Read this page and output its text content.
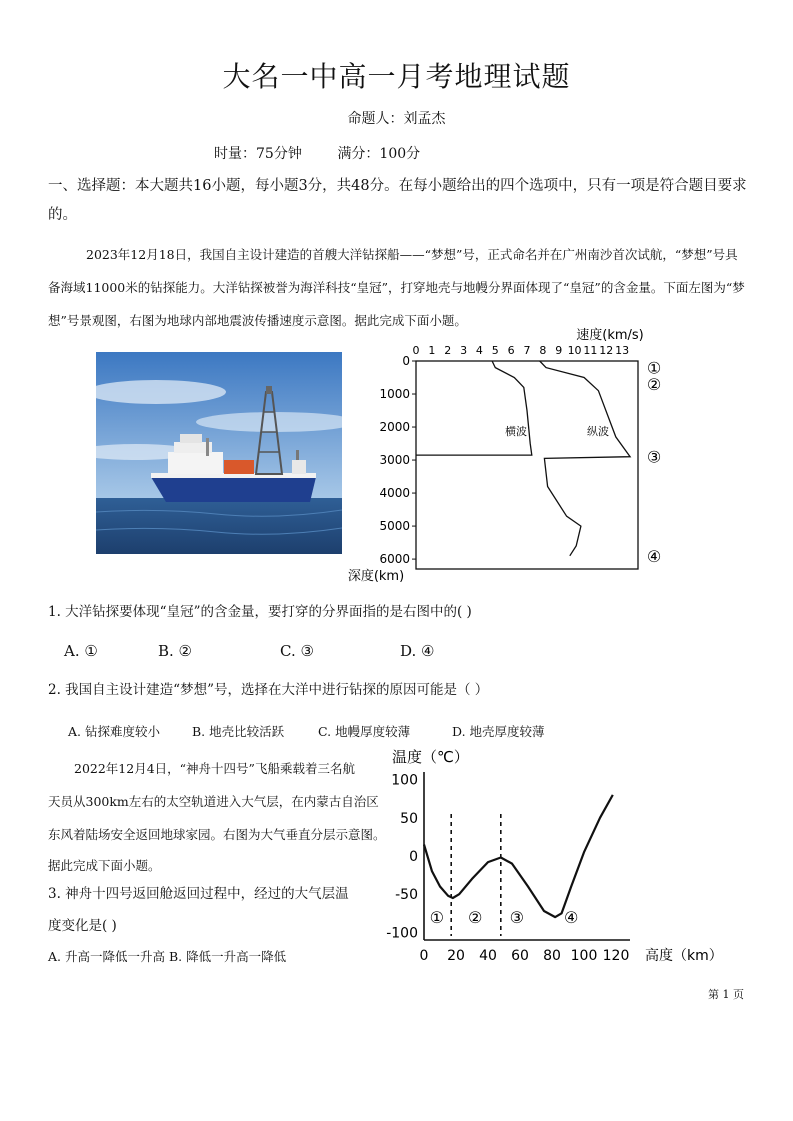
大名一中高一月考地理试题
命题人：刘孟杰
时量：75分钟	满分：100分
一、选择题：本大题共16小题，每小题3分，共48分。在每小题给出的四个选项中，只有一项是符合题目要求的。
2023年12月18日，我国自主设计建造的首艘大洋钻探船——“梦想”号，正式命名并在广州南沙首次试航，“梦想”号具备海域11000米的钻探能力。大洋钻探被誉为海洋科技“皇冠”，打穿地壳与地幔分界面体现了“皇冠”的含金量。下面左图为“梦想”号景观图，右图为地球内部地震波传播速度示意图。据此完成下面小题。
速度(km/s)
0 1 2 3 4 5 6 7 8 9 10 11 12 13
0
1000
2000
3000
4000
5000
6000
横波	纵波
①
②
③
④
深度(km)
1. 大洋钻探要体现“皇冠”的含金量，要打穿的分界面指的是右图中的( )
A. ①	B. ②	C. ③	D. ④
2. 我国自主设计建造“梦想”号，选择在大洋中进行钻探的原因可能是（ ）
A. 钻探难度较小	B. 地壳比较活跃	C. 地幔厚度较薄	D. 地壳厚度较薄
2022年12月4日，“神舟十四号”飞船乘载着三名航
天员从300km左右的太空轨道进入大气层，在内蒙古自治区
东风着陆场安全返回地球家园。右图为大气垂直分层示意图。
据此完成下面小题。
3. 神舟十四号返回舱返回过程中，经过的大气层温
度变化是( )
A. 升高一降低一升高 B. 降低一升高一降低
温度（℃）
100
50
0
-50
-100
0 20 40 60 80 100 120
① ② ③	④
高度（km）
第 1 页
